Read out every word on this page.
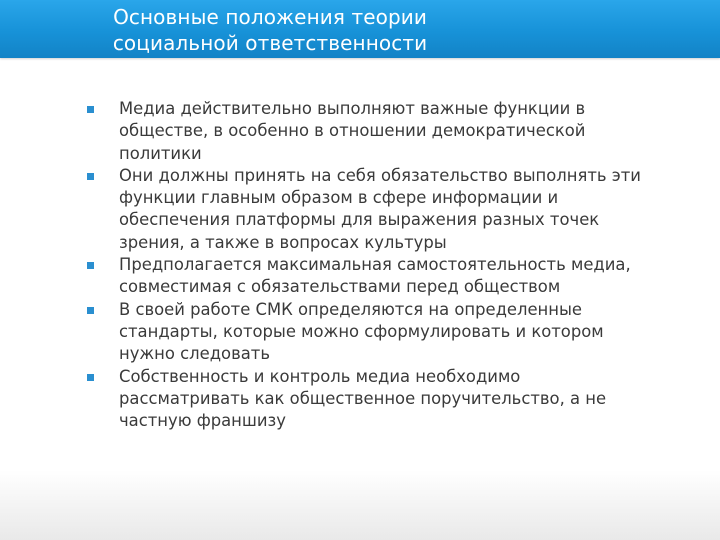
Основные положения теории социальной ответственности
Медиа действительно выполняют важные функции в обществе, в особенно в отношении демократической политики
Они должны принять на себя обязательство выполнять эти функции главным образом в сфере информации и обеспечения платформы для выражения разных точек зрения, а также в вопросах культуры
Предполагается максимальная самостоятельность медиа, совместимая с обязательствами перед обществом
В своей работе СМК определяются на определенные стандарты, которые можно сформулировать и котором нужно следовать
Собственность и контроль медиа необходимо рассматривать как общественное поручительство, а не частную франшизу
